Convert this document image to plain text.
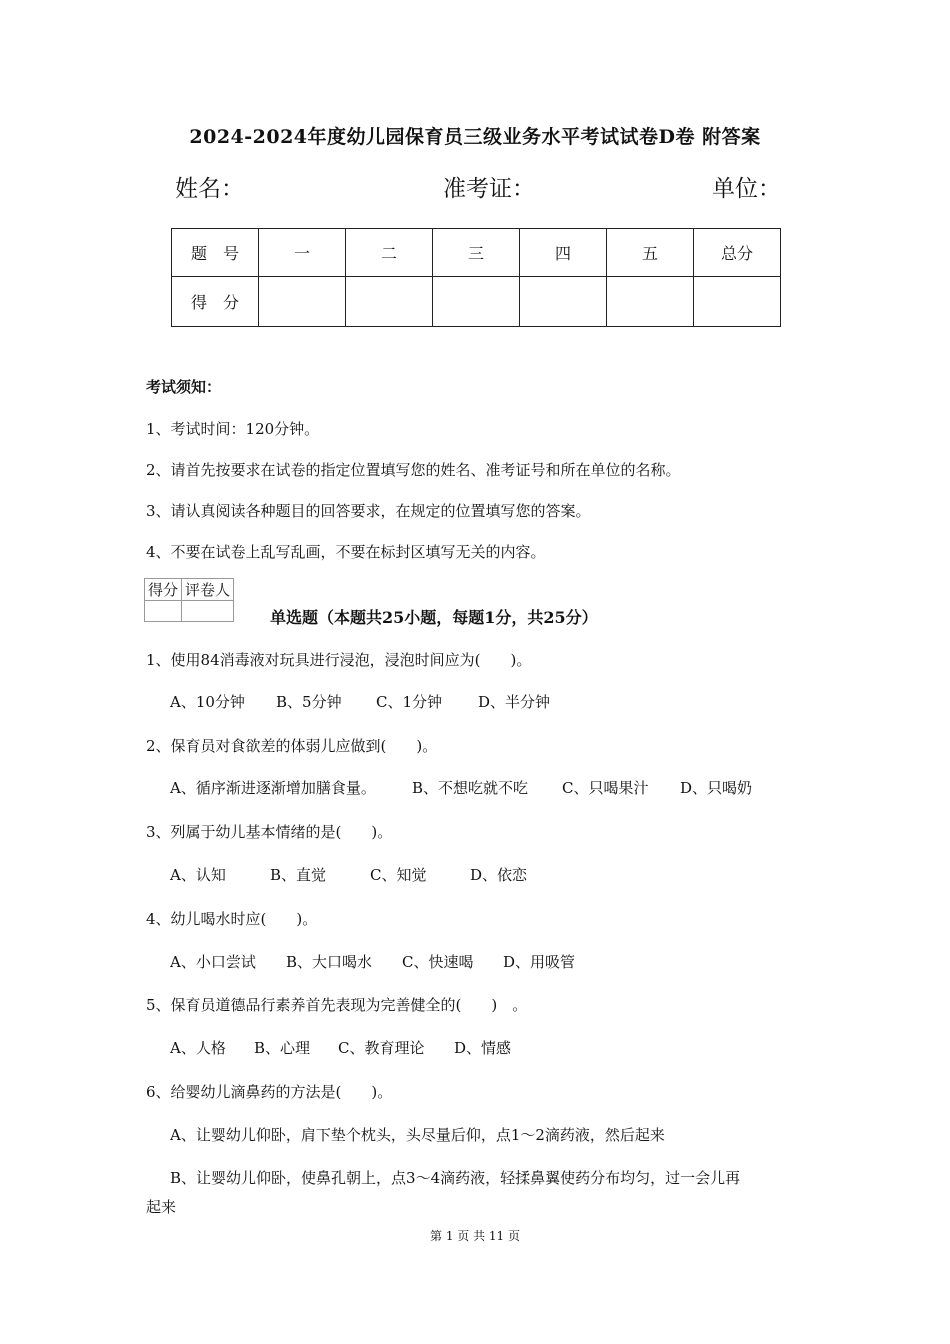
2024-2024年度幼儿园保育员三级业务水平考试试卷D卷 附答案
姓名：	准考证：	单位：
题　号	一	二	三	四	五	总分
得　分						
考试须知：
1、考试时间：120分钟。
2、请首先按要求在试卷的指定位置填写您的姓名、准考证号和所在单位的名称。
3、请认真阅读各种题目的回答要求，在规定的位置填写您的答案。
4、不要在试卷上乱写乱画，不要在标封区填写无关的内容。
得分	评卷人

单选题（本题共25小题，每题1分，共25分）
1、使用84消毒液对玩具进行浸泡，浸泡时间应为(　　)。
A、10分钟 B、5分钟 C、1分钟 D、半分钟
2、保育员对食欲差的体弱儿应做到(　　)。
A、循序渐进逐渐增加膳食量。 B、不想吃就不吃 C、只喝果汁 D、只喝奶
3、列属于幼儿基本情绪的是(　　)。
A、认知	B、直觉	C、知觉	D、依恋
4、幼儿喝水时应(　　)。
A、小口尝试 B、大口喝水 C、快速喝 D、用吸管
5、保育员道德品行素养首先表现为完善健全的(　　)　。
A、人格 B、心理 C、教育理论 D、情感
6、给婴幼儿滴鼻药的方法是(　　)。
A、让婴幼儿仰卧，肩下垫个枕头，头尽量后仰，点1～2滴药液，然后起来
B、让婴幼儿仰卧，使鼻孔朝上，点3～4滴药液，轻揉鼻翼使药分布均匀，过一会儿再
起来
第 1 页 共 11 页
